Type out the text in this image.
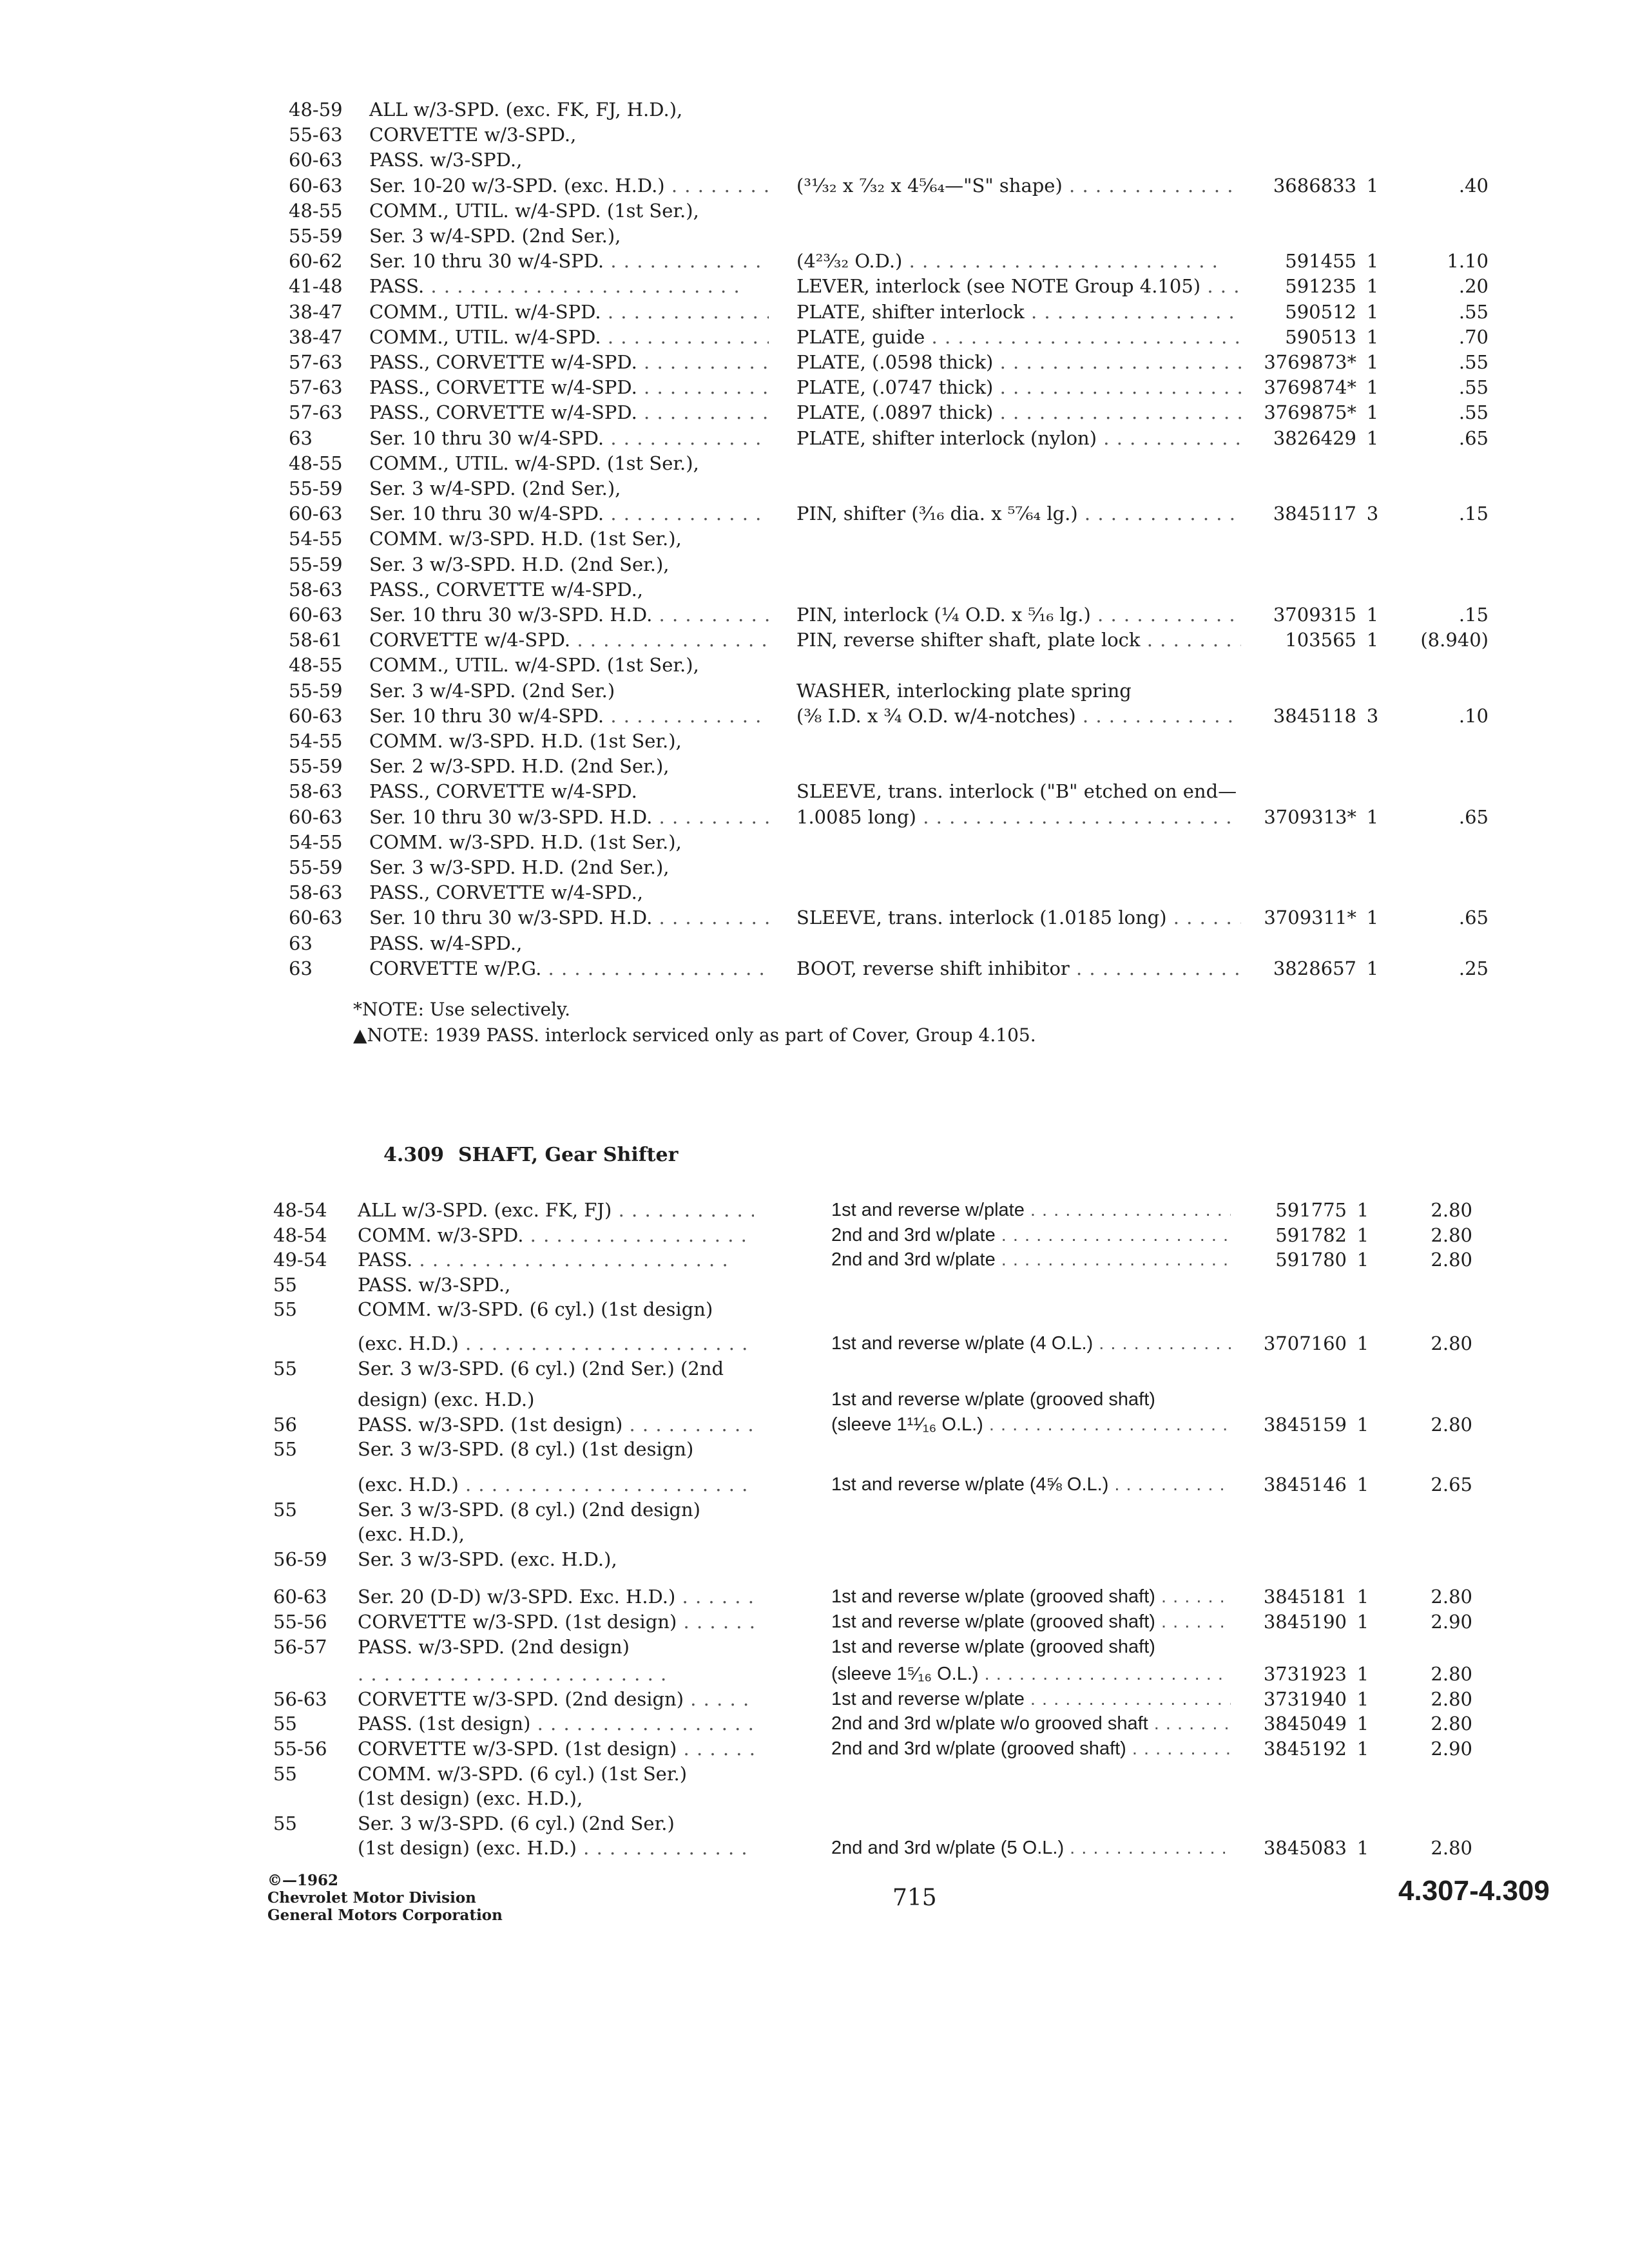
48-59 ALL w/3-SPD. (exc. FK, FJ, H.D.),
55-63 CORVETTE w/3-SPD.,
60-63 PASS. w/3-SPD.,
60-63 Ser. 10-20 w/3-SPD. (exc. H.D.) . . .	(³¹⁄₃₂ x ⁷⁄₃₂ x 4⁵⁄₆₄—"S" shape) . . .	3686833 1	.40
48-55 COMM., UTIL. w/4-SPD. (1st Ser.),
55-59 Ser. 3 w/4-SPD. (2nd Ser.),
60-62 Ser. 10 thru 30 w/4-SPD. . . .	(4²³⁄₃₂ O.D.) . . .	591455 1	1.10
41-48 PASS. . . .	LEVER, interlock (see NOTE Group 4.105) . . .	591235 1	.20
38-47 COMM., UTIL. w/4-SPD. . . .	PLATE, shifter interlock . . .	590512 1	.55
38-47 COMM., UTIL. w/4-SPD. . . .	PLATE, guide . . .	590513 1	.70
57-63 PASS., CORVETTE w/4-SPD. . . .	PLATE, (.0598 thick) . . .	3769873* 1	.55
57-63 PASS., CORVETTE w/4-SPD. . . .	PLATE, (.0747 thick) . . .	3769874* 1	.55
57-63 PASS., CORVETTE w/4-SPD. . . .	PLATE, (.0897 thick) . . .	3769875* 1	.55
63	Ser. 10 thru 30 w/4-SPD. . . .	PLATE, shifter interlock (nylon) . . .	3826429 1	.65
48-55 COMM., UTIL. w/4-SPD. (1st Ser.),
55-59 Ser. 3 w/4-SPD. (2nd Ser.),
60-63 Ser. 10 thru 30 w/4-SPD. . . .	PIN, shifter (³⁄₁₆ dia. x ⁵⁷⁄₆₄ lg.) . . .	3845117 3	.15
54-55 COMM. w/3-SPD. H.D. (1st Ser.),
55-59 Ser. 3 w/3-SPD. H.D. (2nd Ser.),
58-63 PASS., CORVETTE w/4-SPD.,
60-63 Ser. 10 thru 30 w/3-SPD. H.D. . . .	PIN, interlock (¼ O.D. x ⁵⁄₁₆ lg.) . . .	3709315 1	.15
58-61 CORVETTE w/4-SPD. . . .	PIN, reverse shifter shaft, plate lock . . .	103565 1	(8.940)
48-55 COMM., UTIL. w/4-SPD. (1st Ser.),
55-59 Ser. 3 w/4-SPD. (2nd Ser.)	WASHER, interlocking plate spring
60-63 Ser. 10 thru 30 w/4-SPD. . . .	(³⁄₈ I.D. x ¾ O.D. w/4-notches) . . .	3845118 3	.10
54-55 COMM. w/3-SPD. H.D. (1st Ser.),
55-59 Ser. 2 w/3-SPD. H.D. (2nd Ser.),
58-63 PASS., CORVETTE w/4-SPD.	SLEEVE, trans. interlock ("B" etched on end—
60-63 Ser. 10 thru 30 w/3-SPD. H.D. . . .	1.0085 long) . . .	3709313* 1	.65
54-55 COMM. w/3-SPD. H.D. (1st Ser.),
55-59 Ser. 3 w/3-SPD. H.D. (2nd Ser.),
58-63 PASS., CORVETTE w/4-SPD.,
60-63 Ser. 10 thru 30 w/3-SPD. H.D. . . .	SLEEVE, trans. interlock (1.0185 long) . . .	3709311* 1	.65
63	PASS. w/4-SPD.,
63	CORVETTE w/P.G. . . .	BOOT, reverse shift inhibitor . . .	3828657 1	.25
*NOTE: Use selectively.
▲NOTE: 1939 PASS. interlock serviced only as part of Cover, Group 4.105.
4.309 SHAFT, Gear Shifter
48-54 ALL w/3-SPD. (exc. FK, FJ) . . .	1st and reverse w/plate . . .	591775 1	2.80
48-54 COMM. w/3-SPD. . . .	2nd and 3rd w/plate . . .	591782 1	2.80
49-54 PASS. . . .	2nd and 3rd w/plate . . .	591780 1	2.80
55	PASS. w/3-SPD.,
55	COMM. w/3-SPD. (6 cyl.) (1st design)
(exc. H.D.) . . .	1st and reverse w/plate (4 O.L.) . . .	3707160 1	2.80
55	Ser. 3 w/3-SPD. (6 cyl.) (2nd Ser.) (2nd
design) (exc. H.D.)	1st and reverse w/plate (grooved shaft)
56	PASS. w/3-SPD. (1st design) . . .	(sleeve 1¹¹⁄₁₆ O.L.) . . .	3845159 1	2.80
55	Ser. 3 w/3-SPD. (8 cyl.) (1st design)
(exc. H.D.) . . .	1st and reverse w/plate (4⅝ O.L.) . . .	3845146 1	2.65
55	Ser. 3 w/3-SPD. (8 cyl.) (2nd design)
(exc. H.D.),
56-59 Ser. 3 w/3-SPD. (exc. H.D.),
60-63 Ser. 20 (D-D) w/3-SPD. Exc. H.D.) . . .	1st and reverse w/plate (grooved shaft) . . .	3845181 1	2.80
55-56 CORVETTE w/3-SPD. (1st design) . . .	1st and reverse w/plate (grooved shaft) . . .	3845190 1	2.90
56-57 PASS. w/3-SPD. (2nd design)	1st and reverse w/plate (grooved shaft)
. . .
(sleeve 1⁵⁄₁₆ O.L.) . . .	3731923 1	2.80
56-63 CORVETTE w/3-SPD. (2nd design) . . .	1st and reverse w/plate . . .	3731940 1	2.80
55	PASS. (1st design) . . .	2nd and 3rd w/plate w/o grooved shaft . . .	3845049 1	2.80
55-56 CORVETTE w/3-SPD. (1st design) . . .	2nd and 3rd w/plate (grooved shaft) . . .	3845192 1	2.90
55	COMM. w/3-SPD. (6 cyl.) (1st Ser.)
(1st design) (exc. H.D.),
55	Ser. 3 w/3-SPD. (6 cyl.) (2nd Ser.)
(1st design) (exc. H.D.) . . .	2nd and 3rd w/plate (5 O.L.) . . .	3845083 1	2.80
©—1962
Chevrolet Motor Division
General Motors Corporation
715	4.307-4.309
